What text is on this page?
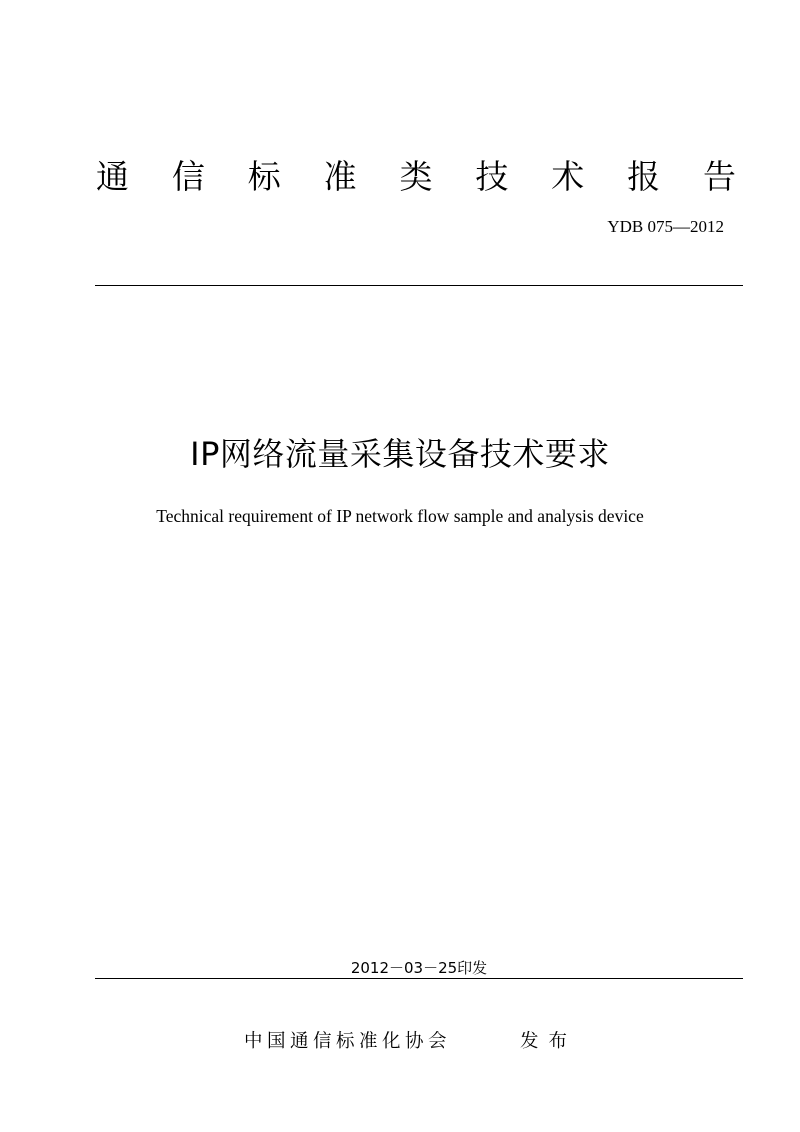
通 信 标 准 类 技 术 报 告
YDB 075—2012
IP网络流量采集设备技术要求
Technical requirement of IP network flow sample and analysis device
2012－03－25印发
中国通信标准化协会	发布
